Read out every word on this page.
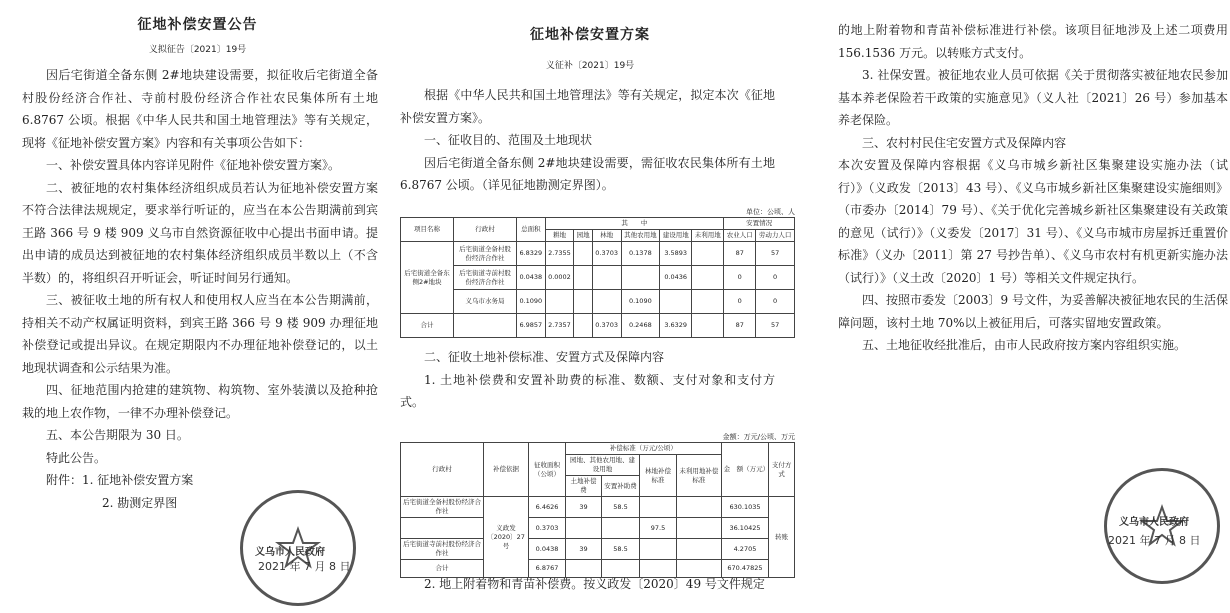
征地补偿安置公告
义拟征告〔2021〕19号

因后宅街道全备东侧 2#地块建设需要，拟征收后宅街道全备村股份经济合作社、寺前村股份经济合作社农民集体所有土地 6.8767 公顷。根据《中华人民共和国土地管理法》等有关规定，现将《征地补偿安置方案》内容和有关事项公告如下：

一、补偿安置具体内容详见附件《征地补偿安置方案》。

二、被征地的农村集体经济组织成员若认为征地补偿安置方案不符合法律法规规定，要求举行听证的，应当在本公告期满前到宾王路 366 号 9 楼 909 义乌市自然资源征收中心提出书面申请。提出申请的成员达到被征地的农村集体经济组织成员半数以上（不含半数）的，将组织召开听证会，听证时间另行通知。

三、被征收土地的所有权人和使用权人应当在本公告期满前，持相关不动产权属证明资料，到宾王路 366 号 9 楼 909 办理征地补偿登记或提出异议。在规定期限内不办理征地补偿登记的，以土地现状调查和公示结果为准。

四、征地范围内抢建的建筑物、构筑物、室外装潢以及抢种抢栽的地上农作物，一律不办理补偿登记。

五、本公告期限为 30 日。

特此公告。

附件：1. 征地补偿安置方案

2. 勘测定界图

义乌市人民政府
2021 年 7 月 8 日
征地补偿安置方案
义征补〔2021〕19号

根据《中华人民共和国土地管理法》等有关规定，拟定本次《征地补偿安置方案》。

一、征收目的、范围及土地现状

因后宅街道全备东侧 2#地块建设需要，需征收农民集体所有土地 6.8767 公顷。（详见征地勘测定界图）。

单位：公顷、人
项目名称	行政村	总面积	其　　中						安置情况	
			耕地	园地	林地	其他农用地	建设用地	未利用地	农业人口	劳动力人口
后宅街道全备东侧2#地块	后宅街道全备村股份经济合作社	6.8329	2.7355		0.3703	0.1378	3.5893		87	57
	后宅街道寺前村股份经济合作社	0.0438	0.0002				0.0436		0	0
	义乌市水务局	0.1090				0.1090			0	0
合计		6.9857	2.7357		0.3703	0.2468	3.6329		87	57

二、征收土地补偿标准、安置方式及保障内容

1. 土地补偿费和安置补助费的标准、数额、支付对象和支付方式。

金额：万元/公顷、万元
行政村	补偿依据	征收面积（公顷）	补偿标准（万元/公顷）				金　额（万元）	支付方式
			园地、其他农用地、建设用地		林地补偿标准	未利用地补偿标准		
			土地补偿费	安置补助费				
后宅街道全备村股份经济合作社	义政发〔2020〕27号	6.4626	39	58.5			630.1035	转账
		0.3703			97.5		36.10425	
后宅街道寺前村股份经济合作社		0.0438	39	58.5			4.2705	
合计		6.8767					670.47825	

2. 地上附着物和青苗补偿费。按义政发〔2020〕49 号文件规定

的地上附着物和青苗补偿标准进行补偿。该项目征地涉及上述二项费用 156.1536 万元。以转账方式支付。

3. 社保安置。被征地农业人员可依据《关于贯彻落实被征地农民参加基本养老保险若干政策的实施意见》（义人社〔2021〕26 号）参加基本养老保险。

三、农村村民住宅安置方式及保障内容

本次安置及保障内容根据《义乌市城乡新社区集聚建设实施办法（试行）》（义政发〔2013〕43 号）、《义乌市城乡新社区集聚建设实施细则》（市委办〔2014〕79 号）、《关于优化完善城乡新社区集聚建设有关政策的意见（试行）》（义委发〔2017〕31 号）、《义乌市城市房屋拆迁重置价标准》（义办〔2011〕第 27 号抄告单）、《义乌市农村有机更新实施办法（试行）》（义土改〔2020〕1 号）等相关文件规定执行。

四、按照市委发〔2003〕9 号文件，为妥善解决被征地农民的生活保障问题，该村土地 70%以上被征用后，可落实留地安置政策。

五、土地征收经批准后，由市人民政府按方案内容组织实施。

义乌市人民政府
2021 年 7 月 8 日
